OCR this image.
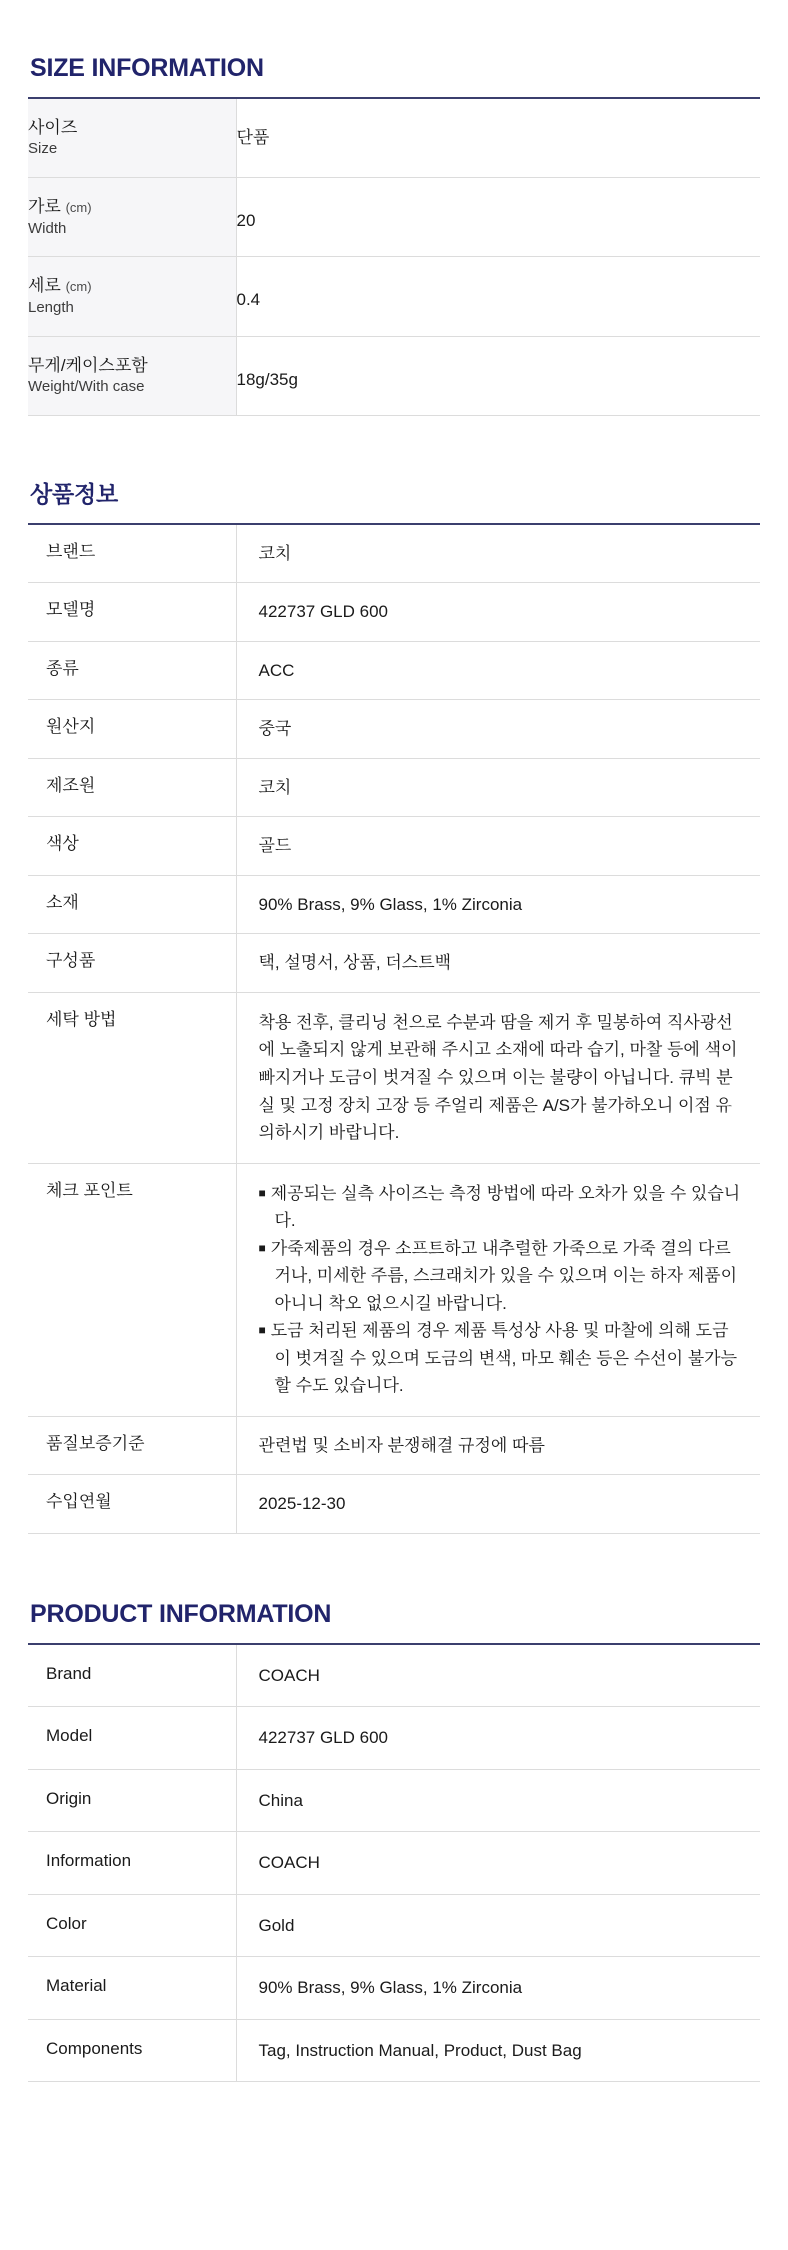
SIZE INFORMATION
사이즈
Size	단품
가로 (cm)
Width	20
세로 (cm)
Length	0.4
무게/케이스포함
Weight/With case	18g/35g
상품정보
브랜드	코치
모델명	422737 GLD 600
종류	ACC
원산지	중국
제조원	코치
색상	골드
소재	90% Brass, 9% Glass, 1% Zirconia
구성품	택, 설명서, 상품, 더스트백
세탁 방법	착용 전후, 클리닝 천으로 수분과 땀을 제거 후 밀봉하여 직사광선에 노출되지 않게 보관해 주시고 소재에 따라 습기, 마찰 등에 색이 빠지거나 도금이 벗겨질 수 있으며 이는 불량이 아닙니다. 큐빅 분실 및 고정 장치 고장 등 주얼리 제품은 A/S가 불가하오니 이점 유의하시기 바랍니다.

체크 포인트	■ 제공되는 실측 사이즈는 측정 방법에 따라 오차가 있을 수 있습니다.
■ 가죽제품의 경우 소프트하고 내추럴한 가죽으로 가죽 결의 다르거나, 미세한 주름, 스크래치가 있을 수 있으며 이는 하자 제품이 아니니 착오 없으시길 바랍니다.
■ 도금 처리된 제품의 경우 제품 특성상 사용 및 마찰에 의해 도금이 벗겨질 수 있으며 도금의 변색, 마모 훼손 등은 수선이 불가능할 수도 있습니다.

품질보증기준	관련법 및 소비자 분쟁해결 규정에 따름
수입연월	2025-12-30
PRODUCT INFORMATION
Brand	COACH
Model	422737 GLD 600
Origin	China
Information	COACH
Color	Gold
Material	90% Brass, 9% Glass, 1% Zirconia
Components	Tag, Instruction Manual, Product, Dust Bag
